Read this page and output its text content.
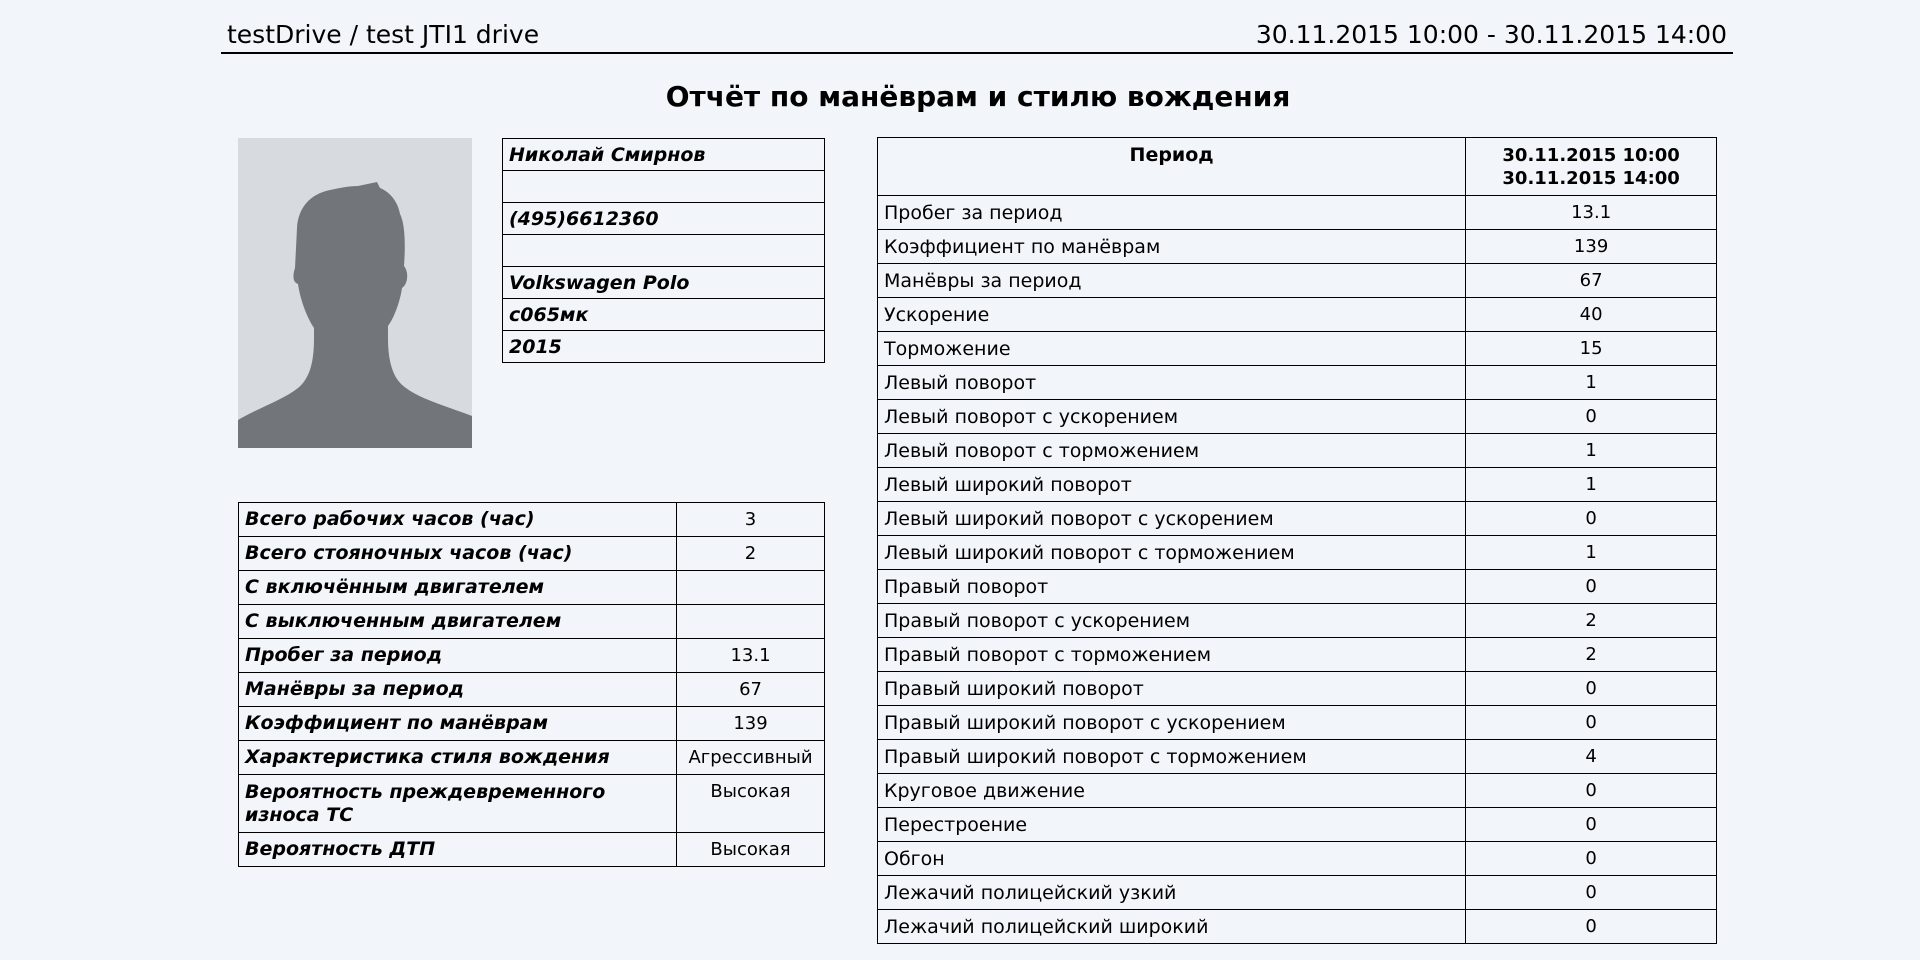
testDrive / test JTI1 drive	30.11.2015 10:00 - 30.11.2015 14:00
Отчёт по манёврам и стилю вождения
Николай Смирнов

(495)6612360

Volkswagen Polo
с065мк
2015
Всего рабочих часов (час)	3
Всего стояночных часов (час)	2
С включённым двигателем	
С выключенным двигателем	
Пробег за период	13.1
Манёвры за период	67
Коэффициент по манёврам	139
Характеристика стиля вождения	Агрессивный
Вероятность преждевременного износа ТС	Высокая
Вероятность ДТП	Высокая
Период	30.11.2015 10:00
30.11.2015 14:00

Пробег за период	13.1
Коэффициент по манёврам	139
Манёвры за период	67
Ускорение	40
Торможение	15
Левый поворот	1
Левый поворот с ускорением	0
Левый поворот с торможением	1
Левый широкий поворот	1
Левый широкий поворот с ускорением	0
Левый широкий поворот с торможением	1
Правый поворот	0
Правый поворот с ускорением	2
Правый поворот с торможением	2
Правый широкий поворот	0
Правый широкий поворот с ускорением	0
Правый широкий поворот с торможением	4
Круговое движение	0
Перестроение	0
Обгон	0
Лежачий полицейский узкий	0
Лежачий полицейский широкий	0
